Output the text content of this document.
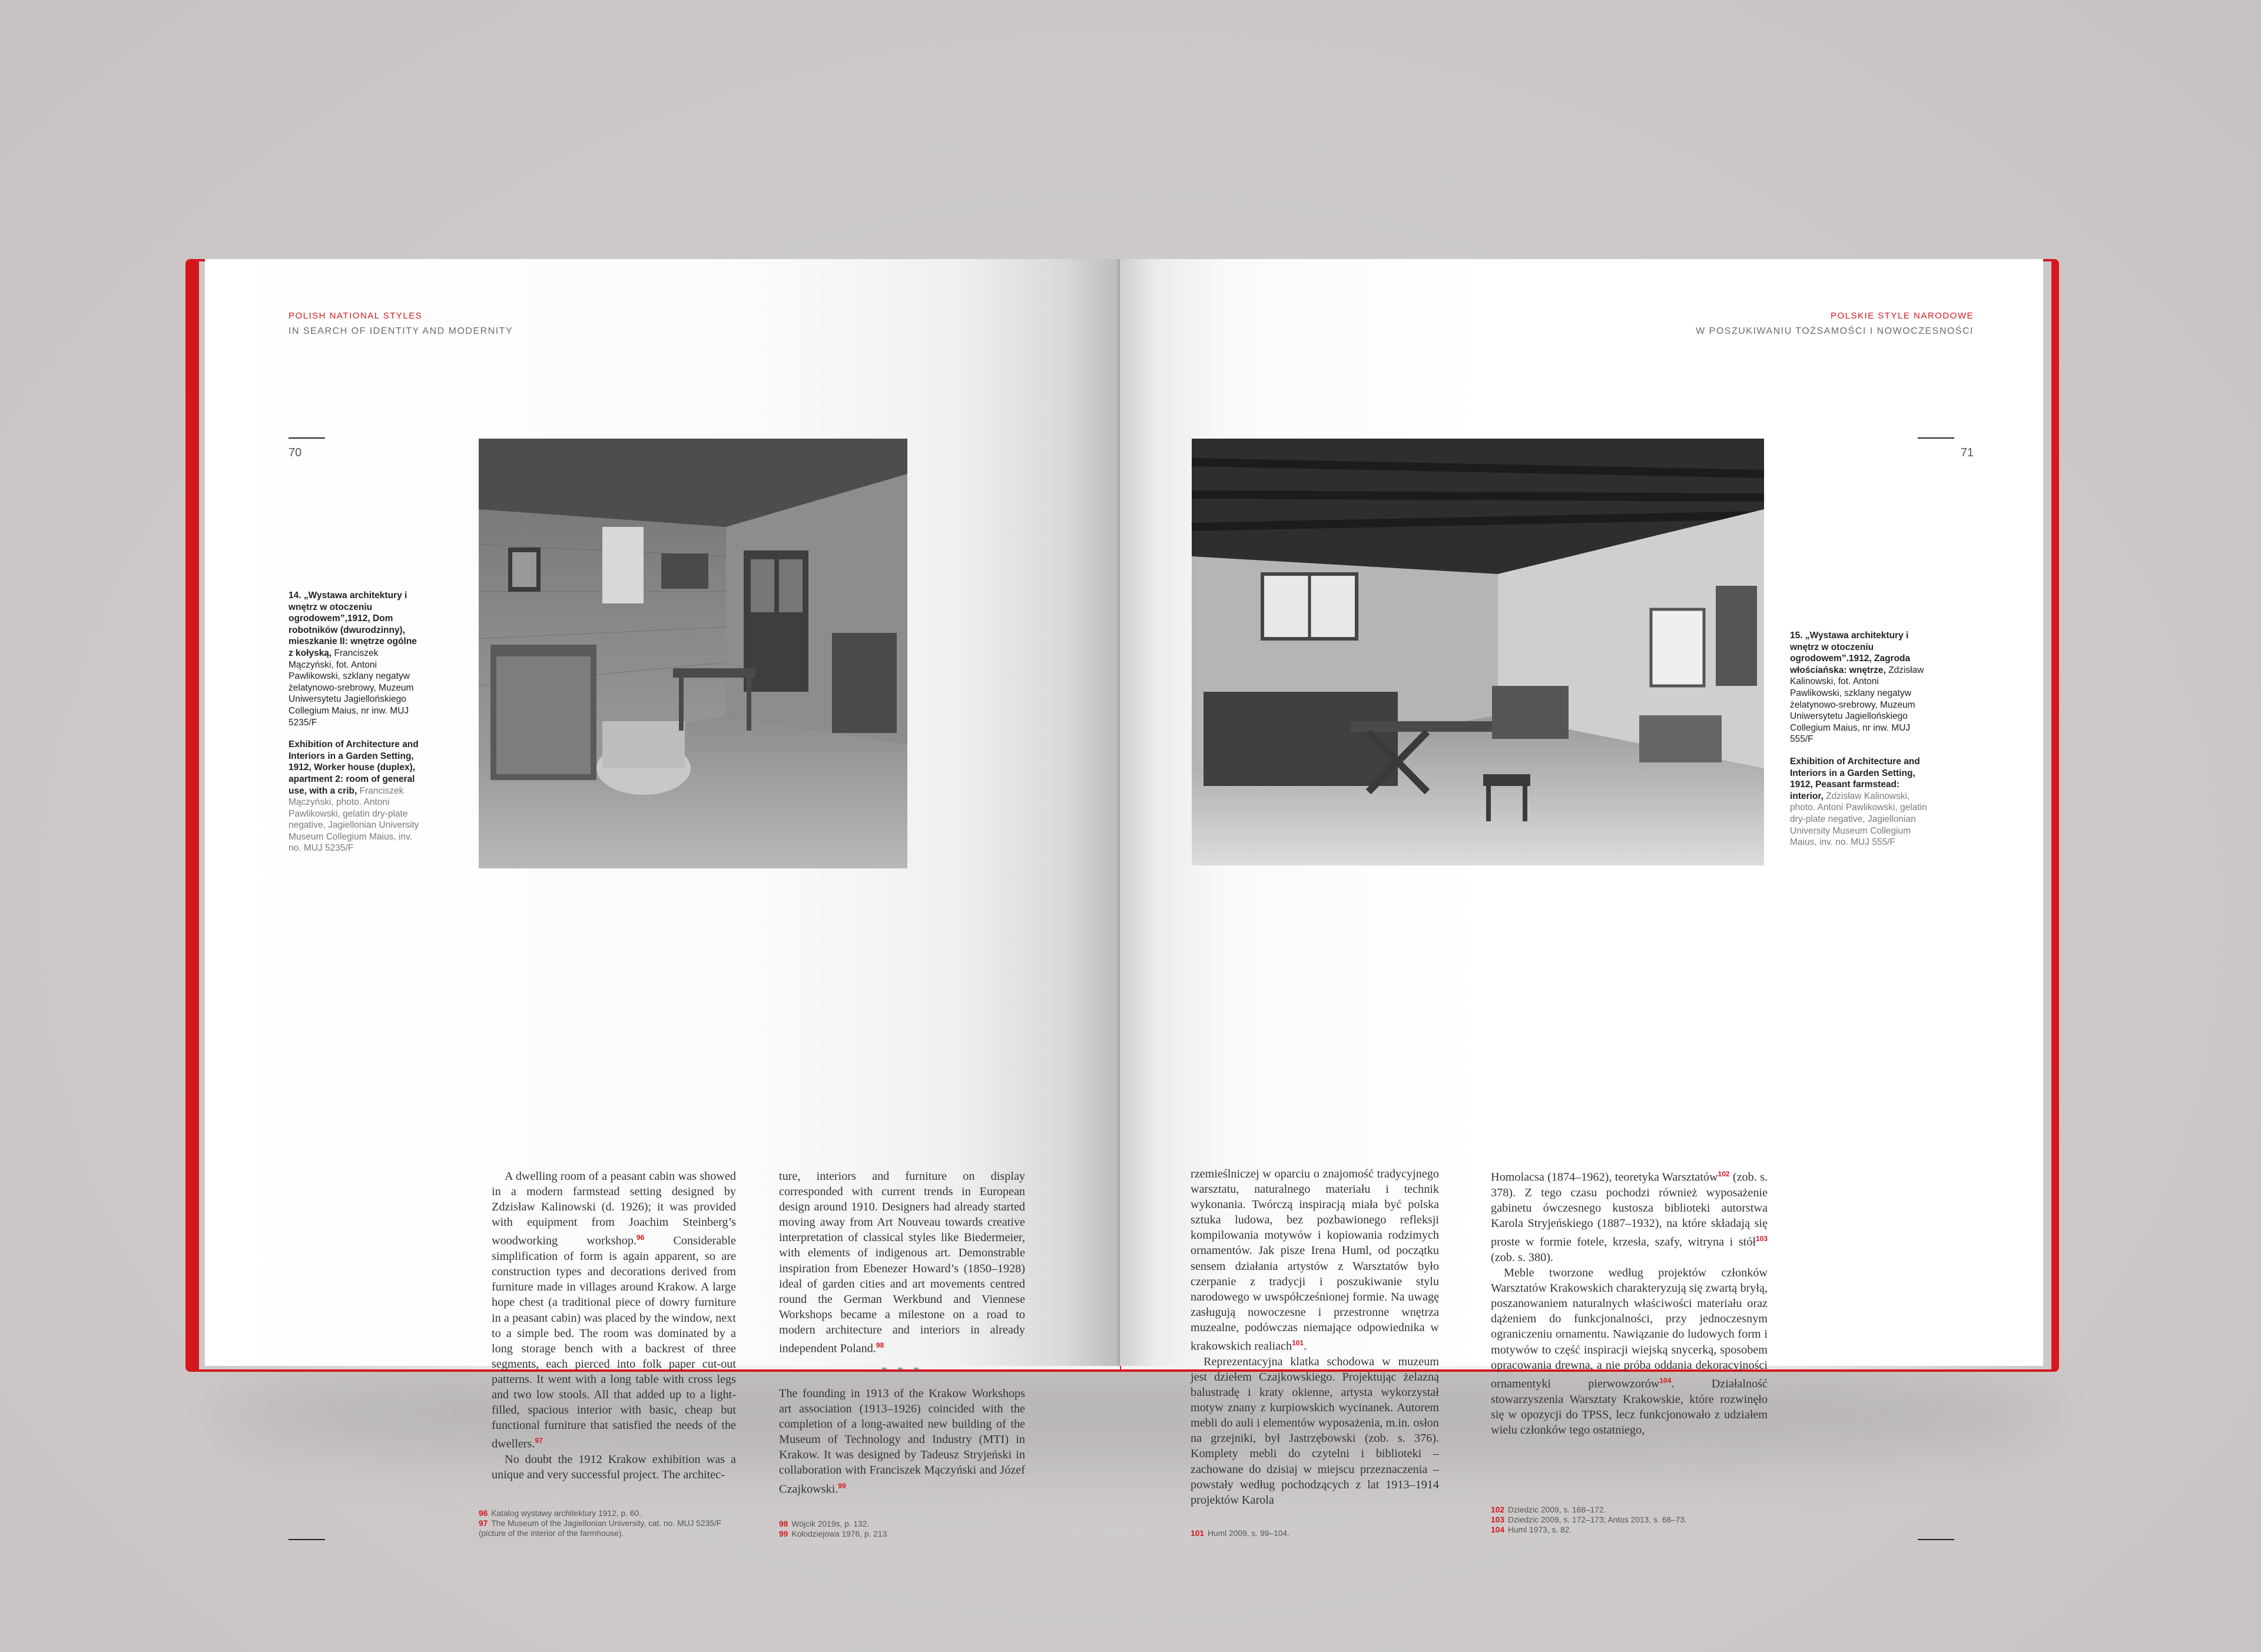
POLISH NATIONAL STYLES
IN SEARCH OF IDENTITY AND MODERNITY
70
14. „Wystawa architektury i wnętrz w otoczeniu ogrodowem”,1912, Dom robotników (dwurodzinny), mieszkanie II: wnętrze ogólne z kołyską, Franciszek Mączyński, fot. Antoni Pawlikowski, szklany negatyw żelatynowo-srebrowy, Muzeum Uniwersytetu Jagiellońskiego Collegium Maius, nr inw. MUJ 5235/F
Exhibition of Architecture and Interiors in a Garden Setting, 1912, Worker house (duplex), apartment 2: room of general use, with a crib, Franciszek Mączyński, photo. Antoni Pawlikowski, gelatin dry-plate negative, Jagiellonian University Museum Collegium Maius, inv. no. MUJ 5235/F

A dwelling room of a peasant cabin was showed in a modern farmstead setting designed by Zdzisław Kalinowski (d. 1926); it was provided with equipment from Joachim Steinberg’s woodworking workshop.$^{96}$ Considerable simplification of form is again apparent, so are construction types and decorations derived from furniture made in villages around Krakow. A large hope chest (a traditional piece of dowry furniture in a peasant cabin) was placed by the window, next to a simple bed. The room was dominated by a long storage bench with a backrest of three segments, each pierced into folk paper cut-out patterns. It went with a long table with cross legs and two low stools. All that added up to a light-filled, spacious interior with basic, cheap but functional furniture that satisfied the needs of the dwellers.$^{97}$

No doubt the 1912 Krakow exhibition was a unique and very successful project. The architec-

ture, interiors and furniture on display corresponded with current trends in European design around 1910. Designers had already started moving away from Art Nouveau towards creative interpretation of classical styles like Biedermeier, with elements of indigenous art. Demonstrable inspiration from Ebenezer Howard’s (1850–1928) ideal of garden cities and art movements centred round the German Werkbund and Viennese Workshops became a milestone on a road to modern architecture and interiors in already independent Poland.$^{98}$

* * *

The founding in 1913 of the Krakow Workshops art association (1913–1926) coincided with the completion of a long-awaited new building of the Museum of Technology and Industry (MTI) in Krakow. It was designed by Tadeusz Stryjeński in collaboration with Franciszek Mączyński and Józef Czajkowski.$^{99}$

96 Katalog wystawy architektury 1912, p. 60.
97 The Museum of the Jagiellonian University, cat. no. MUJ 5235/F (picture of the interior of the farmhouse).
98 Wójcik 2019s, p. 132.
99 Kołodziejowa 1976, p. 213.
POLSKIE STYLE NARODOWE
W POSZUKIWANIU TOŻSAMOŚCI I NOWOCZESNOŚCI
71
15. „Wystawa architektury i wnętrz w otoczeniu ogrodowem”.1912, Zagroda włościańska: wnętrze, Zdzisław Kalinowski, fot. Antoni Pawlikowski, szklany negatyw żelatynowo-srebrowy, Muzeum Uniwersytetu Jagiellońskiego Collegium Maius, nr inw. MUJ 555/F
Exhibition of Architecture and Interiors in a Garden Setting, 1912, Peasant farmstead: interior, Zdzisław Kalinowski, photo. Antoni Pawlikowski, gelatin dry-plate negative, Jagiellonian University Museum Collegium Maius, inv. no. MUJ 555/F

rzemieślniczej w oparciu o znajomość tradycyjnego warsztatu, naturalnego materiału i technik wykonania. Twórczą inspiracją miała być polska sztuka ludowa, bez pozbawionego refleksji kompilowania motywów i kopiowania rodzimych ornamentów. Jak pisze Irena Huml, od początku sensem działania artystów z Warsztatów było czerpanie z tradycji i poszukiwanie stylu narodowego w uwspółcześnionej formie. Na uwagę zasługują nowoczesne i przestronne wnętrza muzealne, podówczas niemające odpowiednika w krakowskich realiach$^{101}$.

Reprezentacyjna klatka schodowa w muzeum jest dziełem Czajkowskiego. Projektując żelazną balustradę i kraty okienne, artysta wykorzystał motyw znany z kurpiowskich wycinanek. Autorem mebli do auli i elementów wyposażenia, m.in. osłon na grzejniki, był Jastrzębowski (zob. s. 376). Komplety mebli do czytelni i biblioteki – zachowane do dzisiaj w miejscu przeznaczenia – powstały według pochodzących z lat 1913–1914 projektów Karola

Homolacsa (1874–1962), teoretyka Warsztatów$^{102}$ (zob. s. 378). Z tego czasu pochodzi również wyposażenie gabinetu ówczesnego kustosza biblioteki autorstwa Karola Stryjeńskiego (1887–1932), na które składają się proste w formie fotele, krzesła, szafy, witryna i stół$^{103}$ (zob. s. 380).

Meble tworzone według projektów członków Warsztatów Krakowskich charakteryzują się zwartą bryłą, poszanowaniem naturalnych właściwości materiału oraz dążeniem do funkcjonalności, przy jednoczesnym ograniczeniu ornamentu. Nawiązanie do ludowych form i motywów to część inspiracji wiejską snycerką, sposobem opracowania drewna, a nie próba oddania dekoracyjności ornamentyki pierwowzorów$^{104}$. Działalność stowarzyszenia Warsztaty Krakowskie, które rozwinęło się w opozycji do TPSS, lecz funkcjonowało z udziałem wielu członków tego ostatniego,

101 Huml 2009, s. 99–104.
102 Dziedzic 2009, s. 168–172.
103 Dziedzic 2009, s. 172–173; Antos 2013, s. 68–73.
104 Huml 1973, s. 82.
